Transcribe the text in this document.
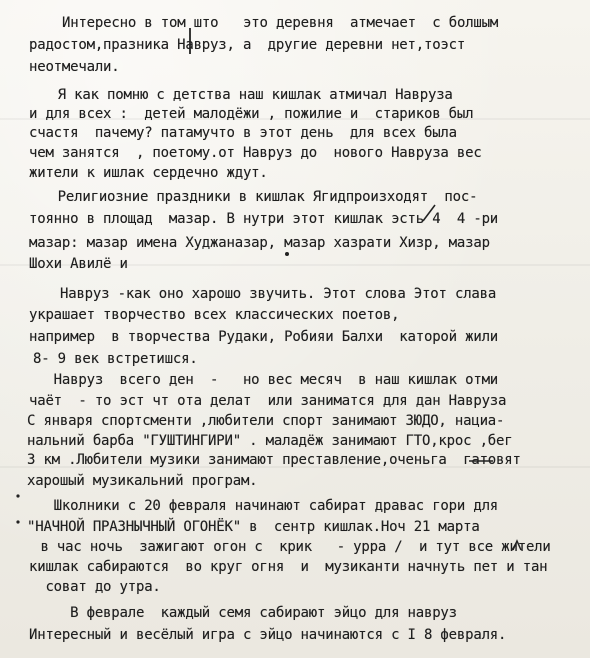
Интересно в том што   это деревня  атмечает  с болшым
радостом,празника Навруз, а  другие деревни нет,тоэст
неотмечали.
Я как помню с детства наш кишлак атмичал Навруза
и для всех :  детей малодёжи , пожилие и  стариков был
счастя  пачему? патамучто в этот день  для всех была
чем занятся  , поетому.от Навруз до  нового Навруза вес
жители к ишлак сердечно ждут.
Религиозние праздники в кишлак Ягидпроизходят  пос-
тоянно в площад  мазар. В нутри этот кишлак эсть 4  4 -ри
мазар: мазар имена Худжаназар, мазар хазрати Хизр, мазар
Шохи Авилё и
Навруз -как оно харошо звучить. Этот слова Этот слава
украшает творчество всех классических поетов,
например  в творчества Рудаки, Робияи Балхи  каторой жили
8- 9 век встретишся.
Навруз  всего ден  -   но вес месяч  в наш кишлак отми
чаёт  - то эст чт ота делат  или заниматся для дан Навруза
С января спортсменти ,любители спорт занимают ЗЮДО, нациа-
нальний барба "ГУШТИНГИРИ" . маладёж занимают ГТО,крос ,бег
3 км .Любители музики занимают преставление,оченьга  гатовят
харошый музикальний програм.
Школники с 20 февраля начинают сабират дравас гори для
"НАЧНОЙ ПРАЗНЫЧНЫЙ ОГОНЁК" в  сентр кишлак.Ноч 21 марта
в час ночь  зажигают огон с  крик   - урра /  и тут все жители
кишлак сабираются  во круг огня  и  музиканти начнуть пет и тан
соват до утра.
В феврале  каждый семя сабирают эйцо для навруз
Интересный и весёлый игра с эйцо начинаются с I 8 февраля.
